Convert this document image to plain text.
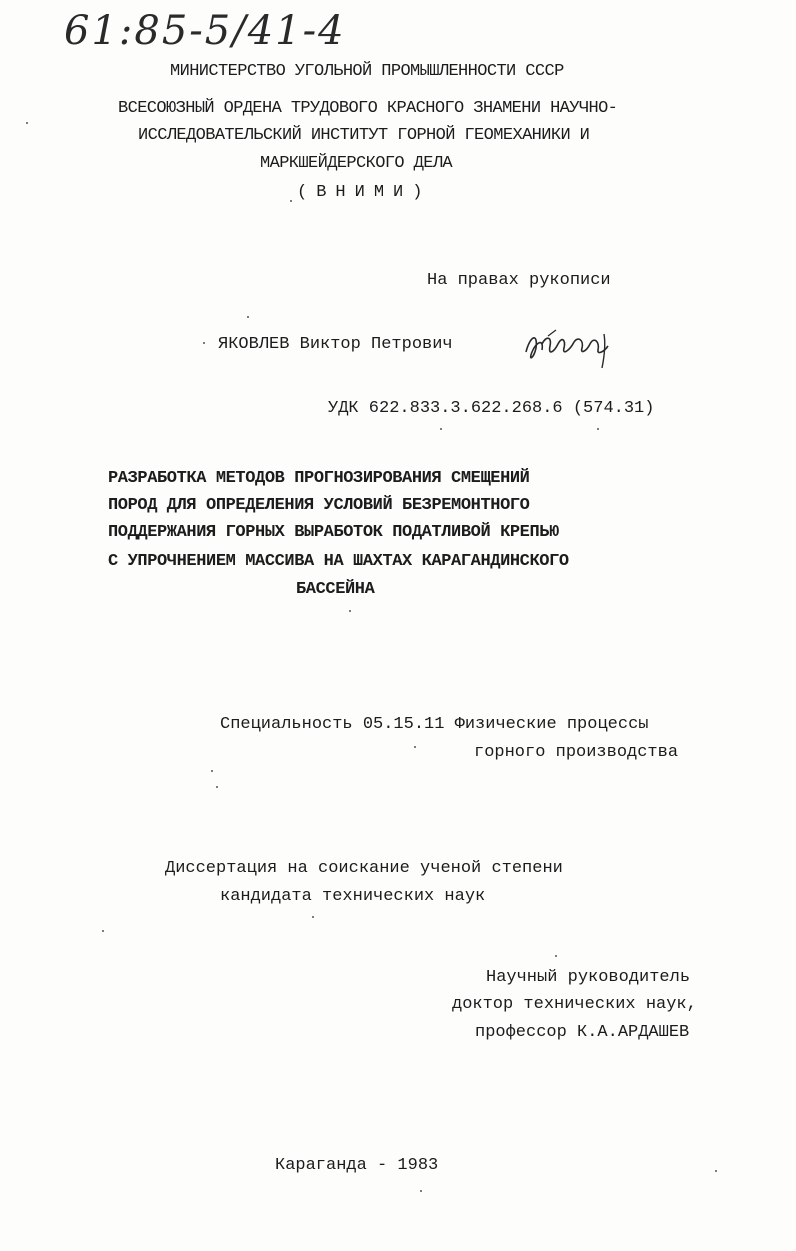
61:85-5/41-4
МИНИСТЕРСТВО УГОЛЬНОЙ ПРОМЫШЛЕННОСТИ СССР
ВСЕСОЮЗНЫЙ ОРДЕНА ТРУДОВОГО КРАСНОГО ЗНАМЕНИ НАУЧНО-
ИССЛЕДОВАТЕЛЬСКИЙ ИНСТИТУТ ГОРНОЙ ГЕОМЕХАНИКИ И
МАРКШЕЙДЕРСКОГО ДЕЛА
( В Н И М И )
На правах рукописи
ЯКОВЛЕВ Виктор Петрович
УДК 622.833.3.622.268.6 (574.31)
РАЗРАБОТКА МЕТОДОВ ПРОГНОЗИРОВАНИЯ СМЕЩЕНИЙ
ПОРОД ДЛЯ ОПРЕДЕЛЕНИЯ УСЛОВИЙ БЕЗРЕМОНТНОГО
ПОДДЕРЖАНИЯ ГОРНЫХ ВЫРАБОТОК ПОДАТЛИВОЙ КРЕПЬЮ
С УПРОЧНЕНИЕМ МАССИВА НА ШАХТАХ КАРАГАНДИНСКОГО
БАССЕЙНА
Специальность 05.15.11 Физические процессы
горного производства
Диссертация на соискание ученой степени
кандидата технических наук
Научный руководитель
доктор технических наук,
профессор К.А.АРДАШЕВ
Караганда - 1983
